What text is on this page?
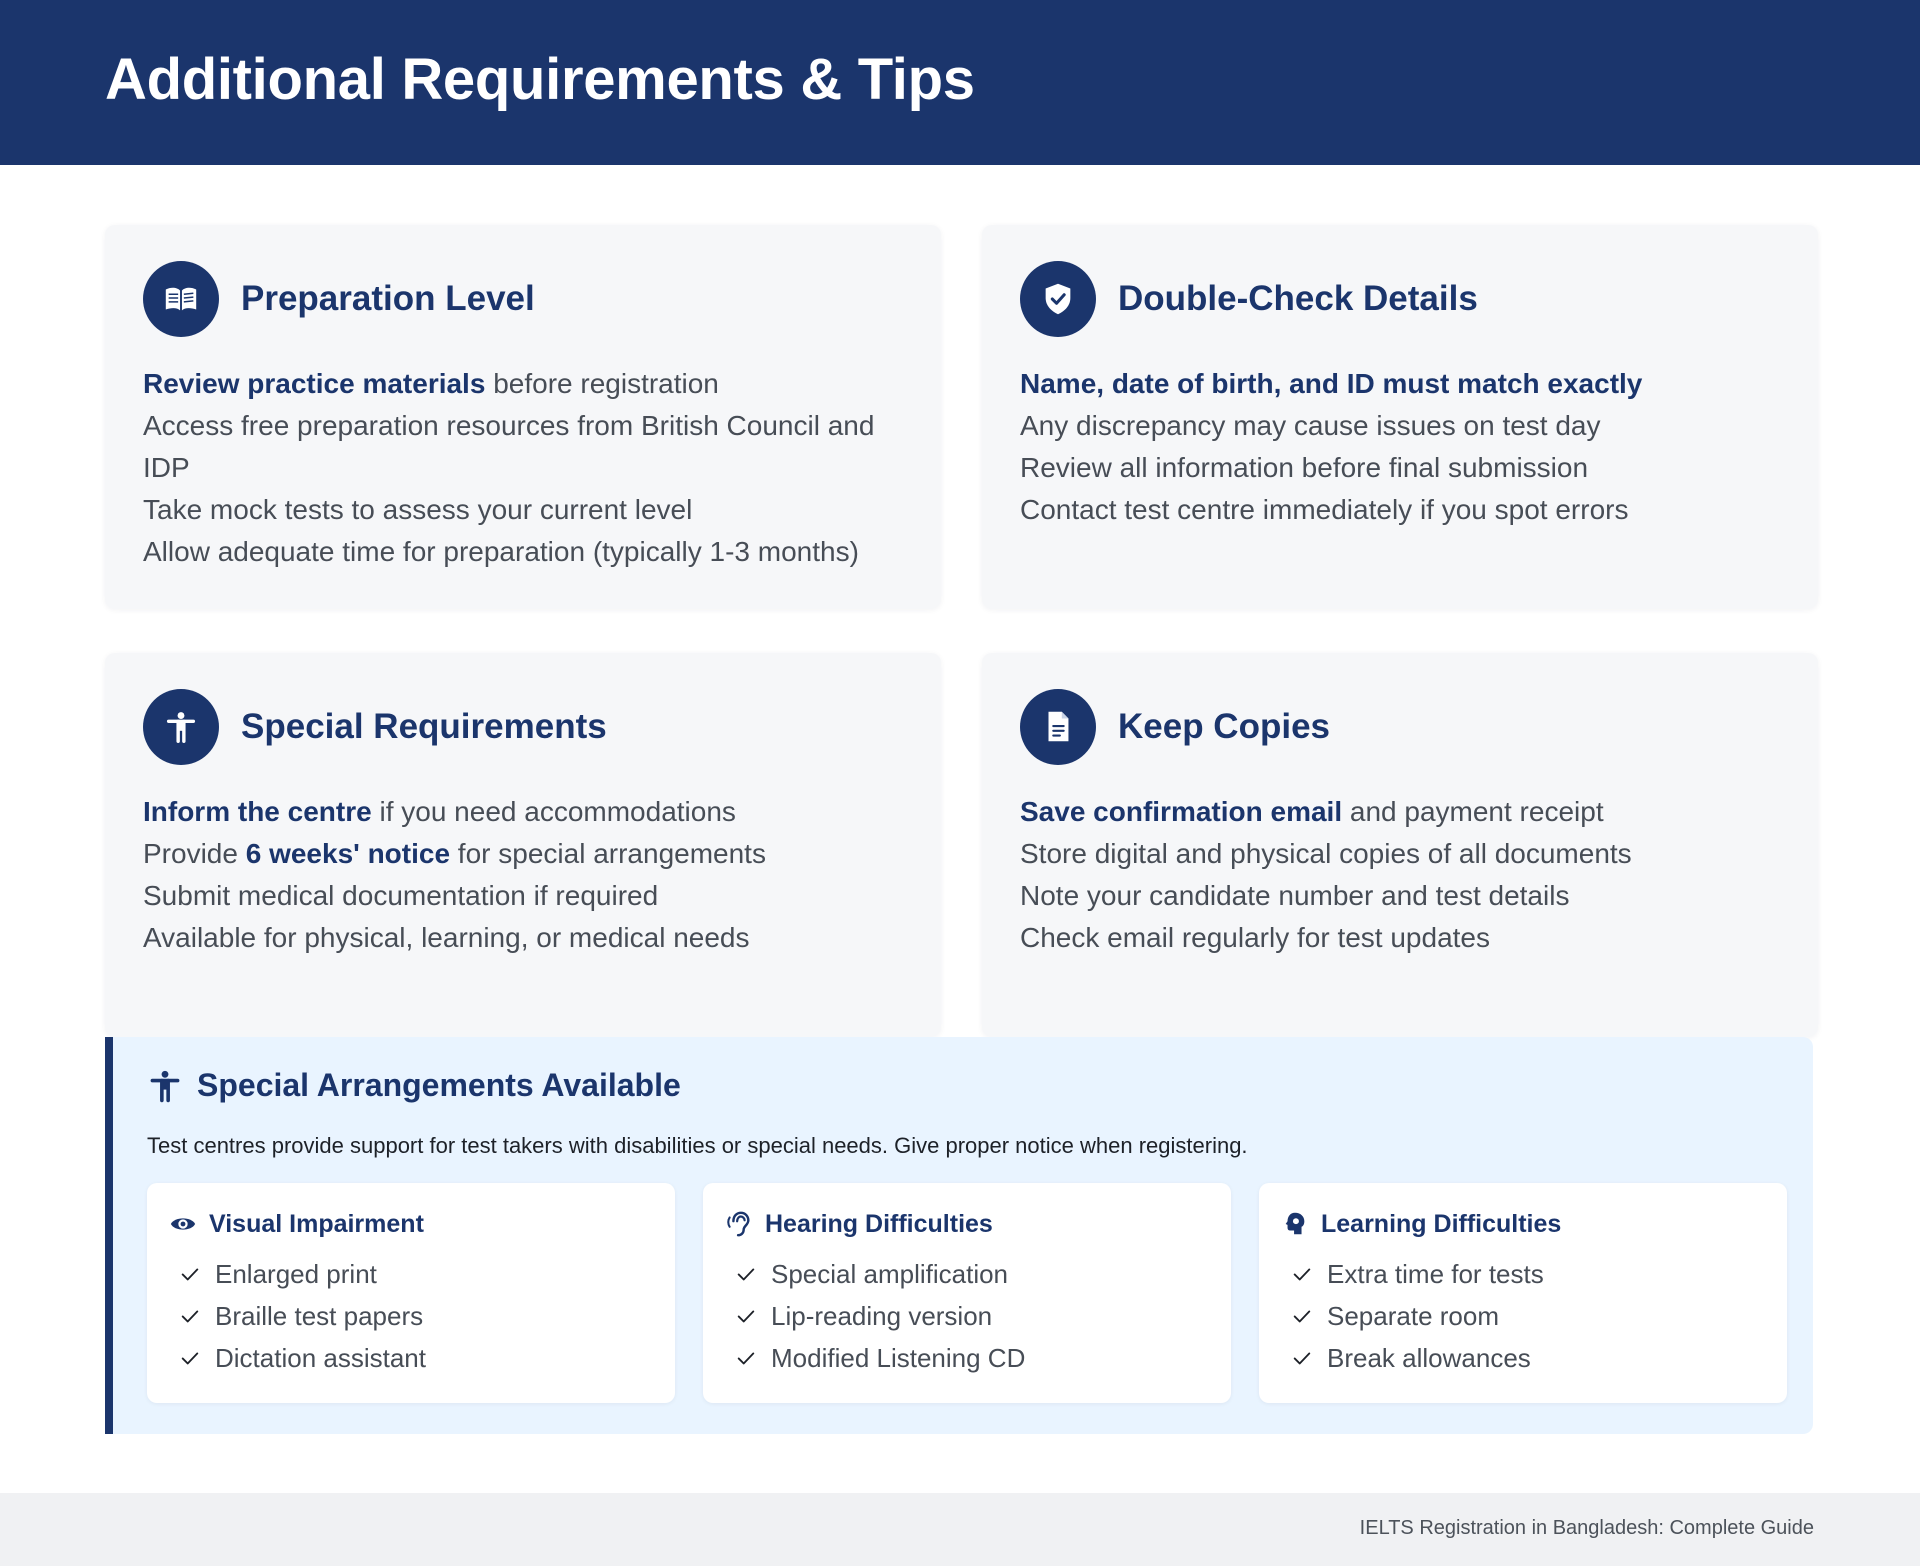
Additional Requirements & Tips
Preparation Level
Review practice materials before registration
Access free preparation resources from British Council and IDP
Take mock tests to assess your current level
Allow adequate time for preparation (typically 1-3 months)
Double-Check Details
Name, date of birth, and ID must match exactly
Any discrepancy may cause issues on test day
Review all information before final submission
Contact test centre immediately if you spot errors
Special Requirements
Inform the centre if you need accommodations
Provide 6 weeks' notice for special arrangements
Submit medical documentation if required
Available for physical, learning, or medical needs
Keep Copies
Save confirmation email and payment receipt
Store digital and physical copies of all documents
Note your candidate number and test details
Check email regularly for test updates
Special Arrangements Available
Test centres provide support for test takers with disabilities or special needs. Give proper notice when registering.
Visual Impairment
Enlarged print
Braille test papers
Dictation assistant
Hearing Difficulties
Special amplification
Lip-reading version
Modified Listening CD
Learning Difficulties
Extra time for tests
Separate room
Break allowances
IELTS Registration in Bangladesh: Complete Guide
